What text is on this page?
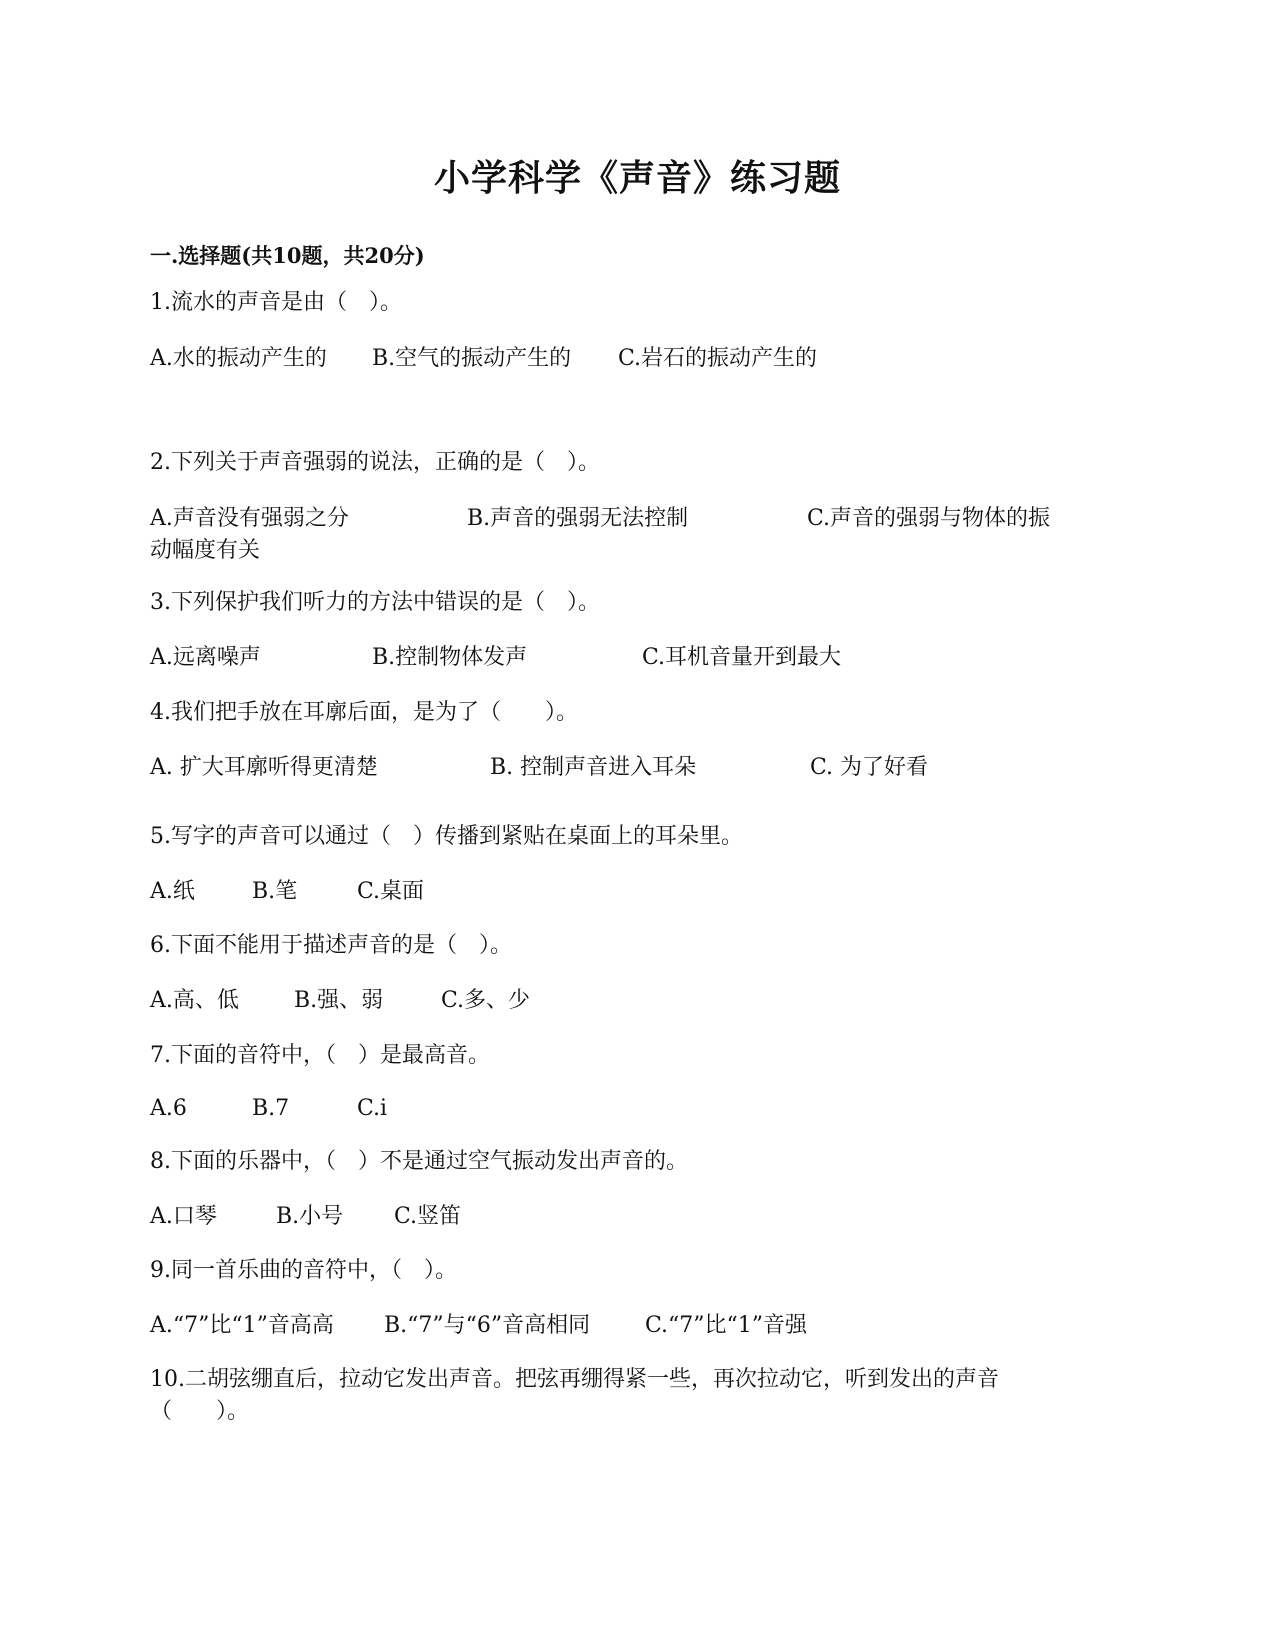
小学科学《声音》练习题
一.选择题(共10题，共20分)
1.流水的声音是由（　）。
A.水的振动产生的 B.空气的振动产生的 C.岩石的振动产生的
2.下列关于声音强弱的说法，正确的是（　）。
A.声音没有强弱之分	B.声音的强弱无法控制	C.声音的强弱与物体的振
动幅度有关
3.下列保护我们听力的方法中错误的是（　）。
A.远离噪声	B.控制物体发声	C.耳机音量开到最大
4.我们把手放在耳廓后面，是为了（　　）。
A. 扩大耳廓听得更清楚	B. 控制声音进入耳朵	C. 为了好看
5.写字的声音可以通过（　）传播到紧贴在桌面上的耳朵里。
A.纸	B.笔	C.桌面
6.下面不能用于描述声音的是（　）。
A.高、低	B.强、弱	C.多、少
7.下面的音符中，（　）是最高音。
A.6	B.7	C.i
8.下面的乐器中，（　）不是通过空气振动发出声音的。
A.口琴	B.小号 C.竖笛
9.同一首乐曲的音符中，（　）。
A.“7”比“1”音高高 B.“7”与“6”音高相同 C.“7”比“1”音强
10.二胡弦绷直后，拉动它发出声音。把弦再绷得紧一些，再次拉动它，听到发出的声音
（　　）。
